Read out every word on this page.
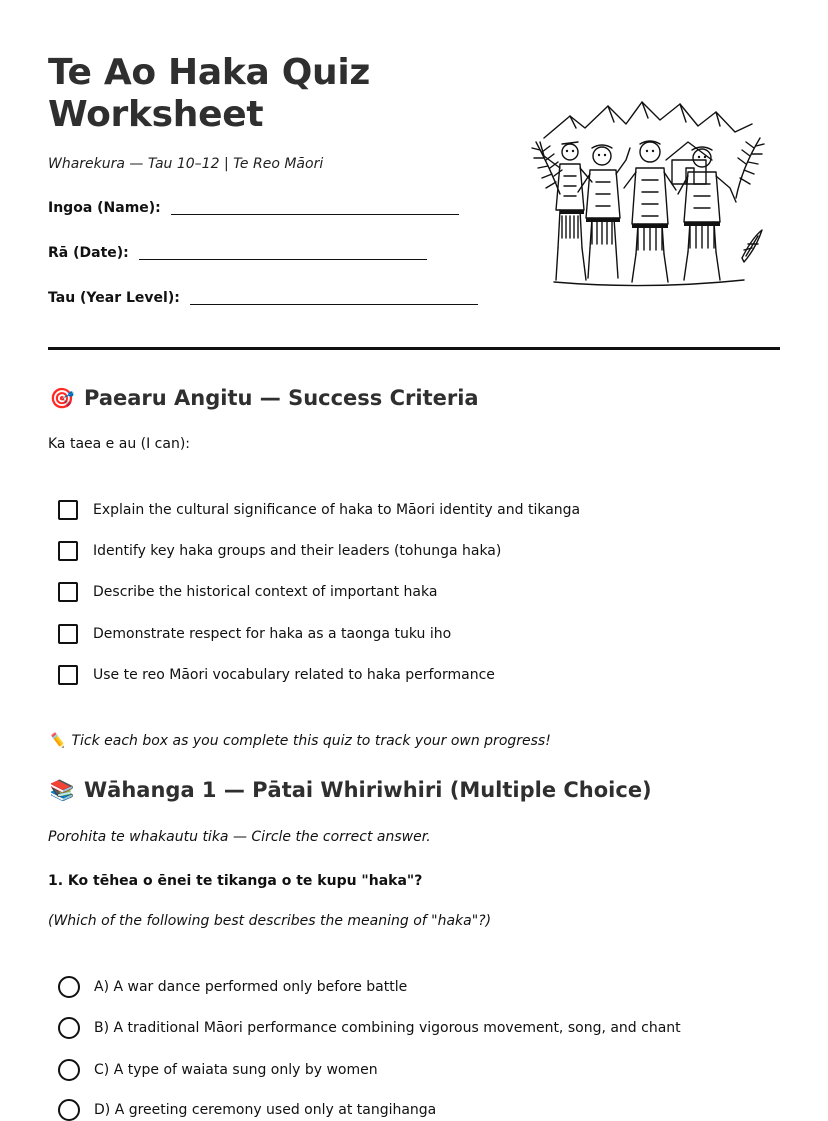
Te Ao Haka Quiz Worksheet
Wharekura — Tau 10–12 | Te Reo Māori
Ingoa (Name):
Rā (Date):
Tau (Year Level):
🎯 Paearu Angitu — Success Criteria
Ka taea e au (I can):
Explain the cultural significance of haka to Māori identity and tikanga
Identify key haka groups and their leaders (tohunga haka)
Describe the historical context of important haka
Demonstrate respect for haka as a taonga tuku iho
Use te reo Māori vocabulary related to haka performance
✏️ Tick each box as you complete this quiz to track your own progress!
📚 Wāhanga 1 — Pātai Whiriwhiri (Multiple Choice)
Porohita te whakautu tika — Circle the correct answer.
1. Ko tēhea o ēnei te tikanga o te kupu "haka"?
(Which of the following best describes the meaning of "haka"?)
A) A war dance performed only before battle
B) A traditional Māori performance combining vigorous movement, song, and chant
C) A type of waiata sung only by women
D) A greeting ceremony used only at tangihanga
